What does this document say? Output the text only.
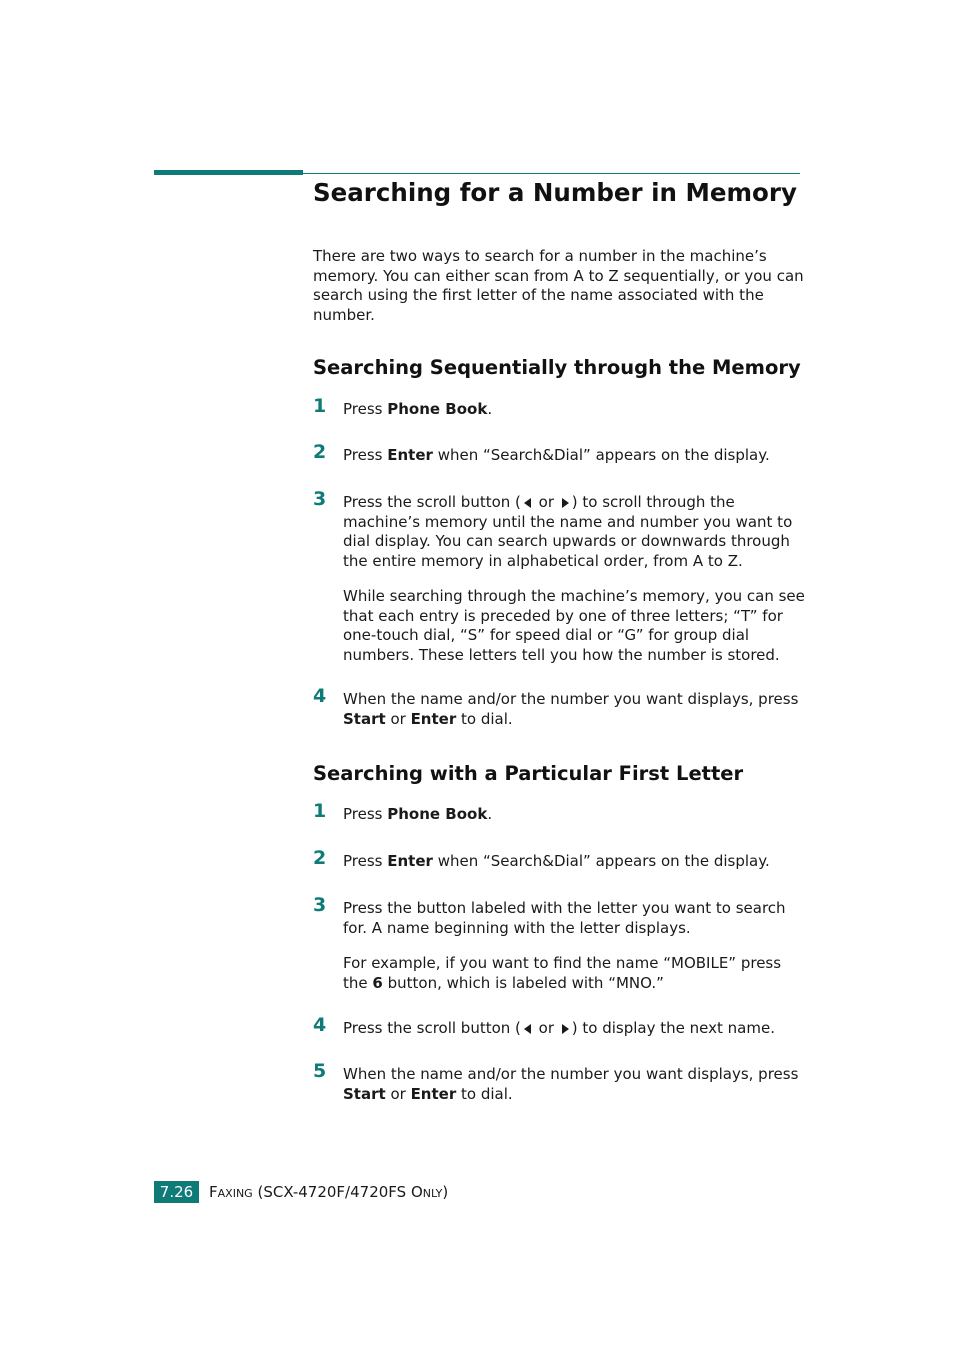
Searching for a Number in Memory

There are two ways to search for a number in the machine’s memory. You can either scan from A to Z sequentially, or you can search using the first letter of the name associated with the number.

Searching Sequentially through the Memory
1 Press Phone Book.

2 Press Enter when “Search&Dial” appears on the display.

3 Press the scroll button ( or ) to scroll through the machine’s memory until the name and number you want to dial display. You can search upwards or downwards through the entire memory in alphabetical order, from A to Z.

While searching through the machine’s memory, you can see that each entry is preceded by one of three letters; “T” for one-touch dial, “S” for speed dial or “G” for group dial numbers. These letters tell you how the number is stored.

4 When the name and/or the number you want displays, press Start or Enter to dial.

Searching with a Particular First Letter
1 Press Phone Book.

2 Press Enter when “Search&Dial” appears on the display.

3 Press the button labeled with the letter you want to search for. A name beginning with the letter displays.

For example, if you want to find the name “MOBILE” press the 6 button, which is labeled with “MNO.”

4 Press the scroll button ( or ) to display the next name.

5 When the name and/or the number you want displays, press Start or Enter to dial.

7.26	Faxing (SCX-4720F/4720FS Only)
